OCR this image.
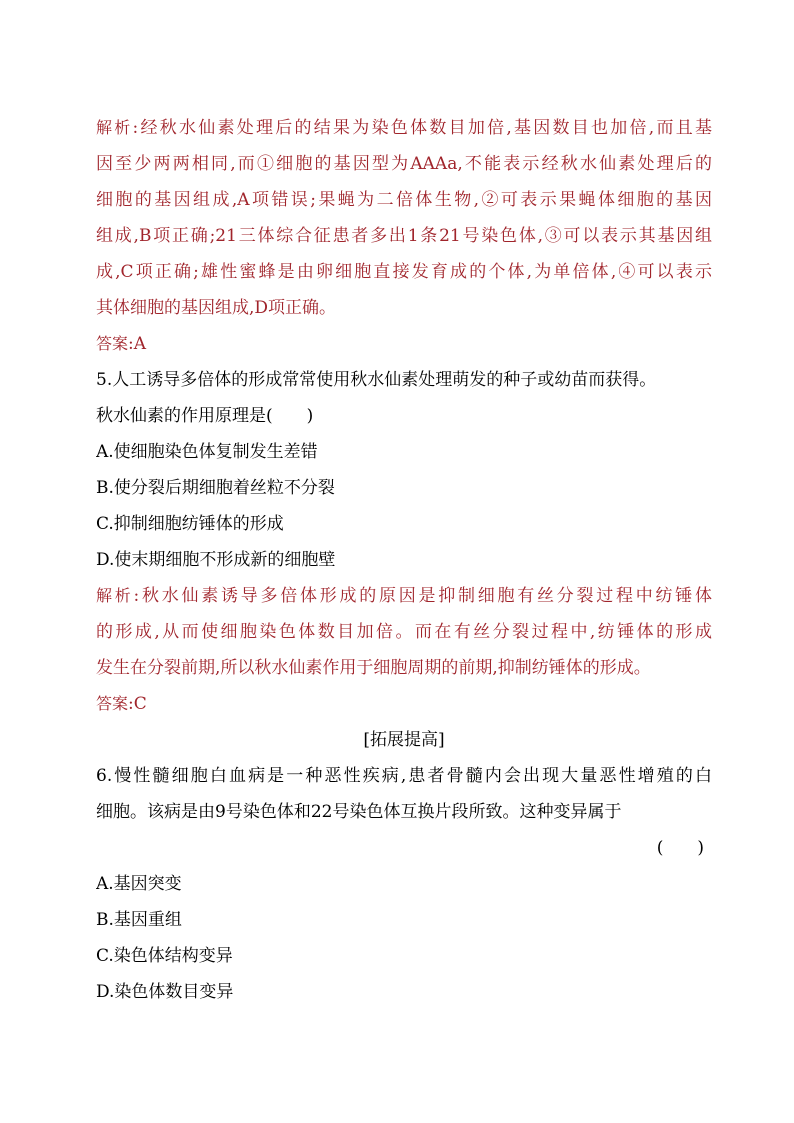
解析:经秋水仙素处理后的结果为染色体数目加倍,基因数目也加倍,而且基
因至少两两相同,而①细胞的基因型为AAAa,不能表示经秋水仙素处理后的
细胞的基因组成,A项错误;果蝇为二倍体生物,②可表示果蝇体细胞的基因
组成,B项正确;21三体综合征患者多出1条21号染色体,③可以表示其基因组
成,C项正确;雄性蜜蜂是由卵细胞直接发育成的个体,为单倍体,④可以表示
其体细胞的基因组成,D项正确。
答案:A
5.人工诱导多倍体的形成常常使用秋水仙素处理萌发的种子或幼苗而获得。
秋水仙素的作用原理是(　　)
A.使细胞染色体复制发生差错
B.使分裂后期细胞着丝粒不分裂
C.抑制细胞纺锤体的形成
D.使末期细胞不形成新的细胞壁
解析:秋水仙素诱导多倍体形成的原因是抑制细胞有丝分裂过程中纺锤体
的形成,从而使细胞染色体数目加倍。而在有丝分裂过程中,纺锤体的形成
发生在分裂前期,所以秋水仙素作用于细胞周期的前期,抑制纺锤体的形成。
答案:C
[拓展提高]
6.慢性髓细胞白血病是一种恶性疾病,患者骨髓内会出现大量恶性增殖的白
细胞。该病是由9号染色体和22号染色体互换片段所致。这种变异属于
(　　)
A.基因突变
B.基因重组
C.染色体结构变异
D.染色体数目变异
